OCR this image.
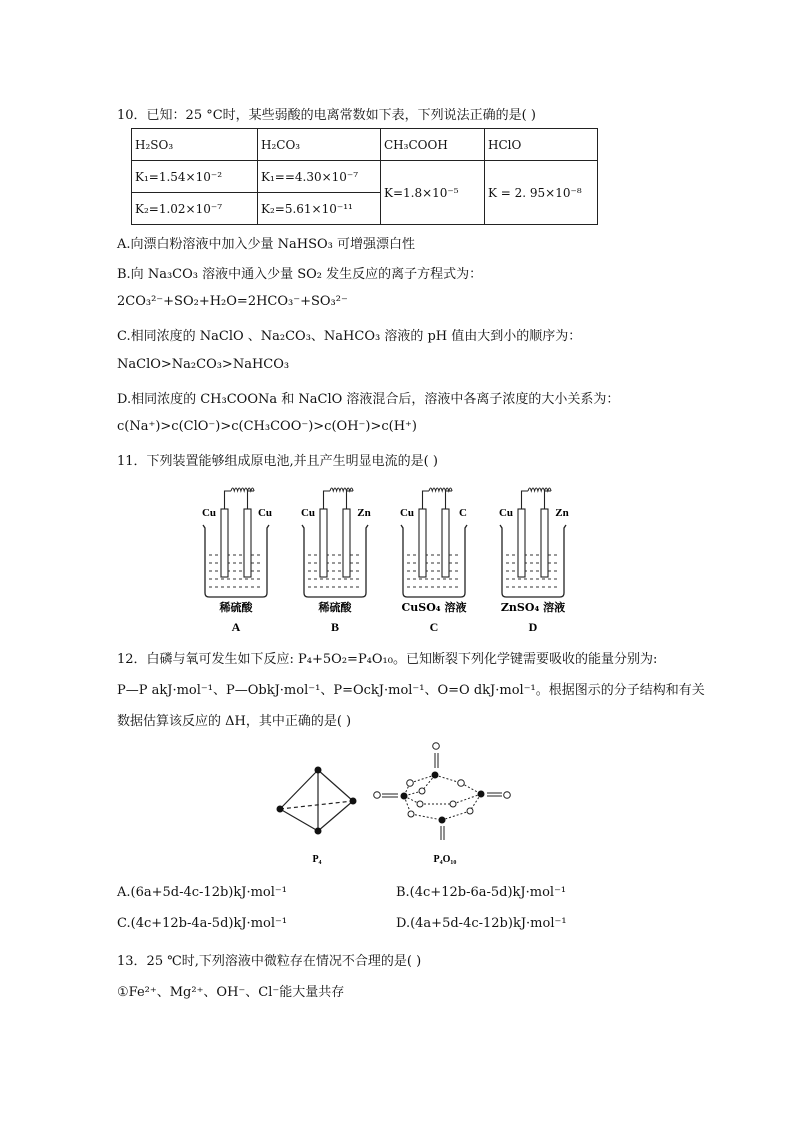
10．已知：25 °C时，某些弱酸的电离常数如下表，下列说法正确的是( )
H₂SO₃	H₂CO₃	CH₃COOH	HClO
K₁=1.54×10⁻²	K₁==4.30×10⁻⁷	K=1.8×10⁻⁵	K = 2. 95×10⁻⁸
K₂=1.02×10⁻⁷	K₂=5.61×10⁻¹¹		
A.向漂白粉溶液中加入少量 NaHSO₃ 可增强漂白性
B.向 Na₃CO₃ 溶液中通入少量 SO₂ 发生反应的离子方程式为：
2CO₃²⁻+SO₂+H₂O=2HCO₃⁻+SO₃²⁻
C.相同浓度的 NaClO 、Na₂CO₃、NaHCO₃ 溶液的 pH 值由大到小的顺序为：
NaClO>Na₂CO₃>NaHCO₃
D.相同浓度的 CH₃COONa 和 NaClO 溶液混合后，溶液中各离子浓度的大小关系为：
c(Na⁺)>c(ClO⁻)>c(CH₃COO⁻)>c(OH⁻)>c(H⁺)
11．下列装置能够组成原电池,并且产生明显电流的是( )
Cu	Cu
稀硫酸
A
Cu	Zn
稀硫酸
B
Cu	C
CuSO₄ 溶液
C
Cu	Zn
ZnSO₄ 溶液
D
12．白磷与氧可发生如下反应: P₄+5O₂=P₄O₁₀。已知断裂下列化学键需要吸收的能量分别为:
P—P akJ·mol⁻¹、P—ObkJ·mol⁻¹、P=OckJ·mol⁻¹、O=O dkJ·mol⁻¹。根据图示的分子结构和有关
数据估算该反应的 ΔH，其中正确的是( )
P₄	P₄O₁₀
A.(6a+5d-4c-12b)kJ·mol⁻¹	B.(4c+12b-6a-5d)kJ·mol⁻¹
C.(4c+12b-4a-5d)kJ·mol⁻¹	D.(4a+5d-4c-12b)kJ·mol⁻¹
13．25 ℃时,下列溶液中微粒存在情况不合理的是( )
①Fe²⁺、Mg²⁺、OH⁻、Cl⁻能大量共存
